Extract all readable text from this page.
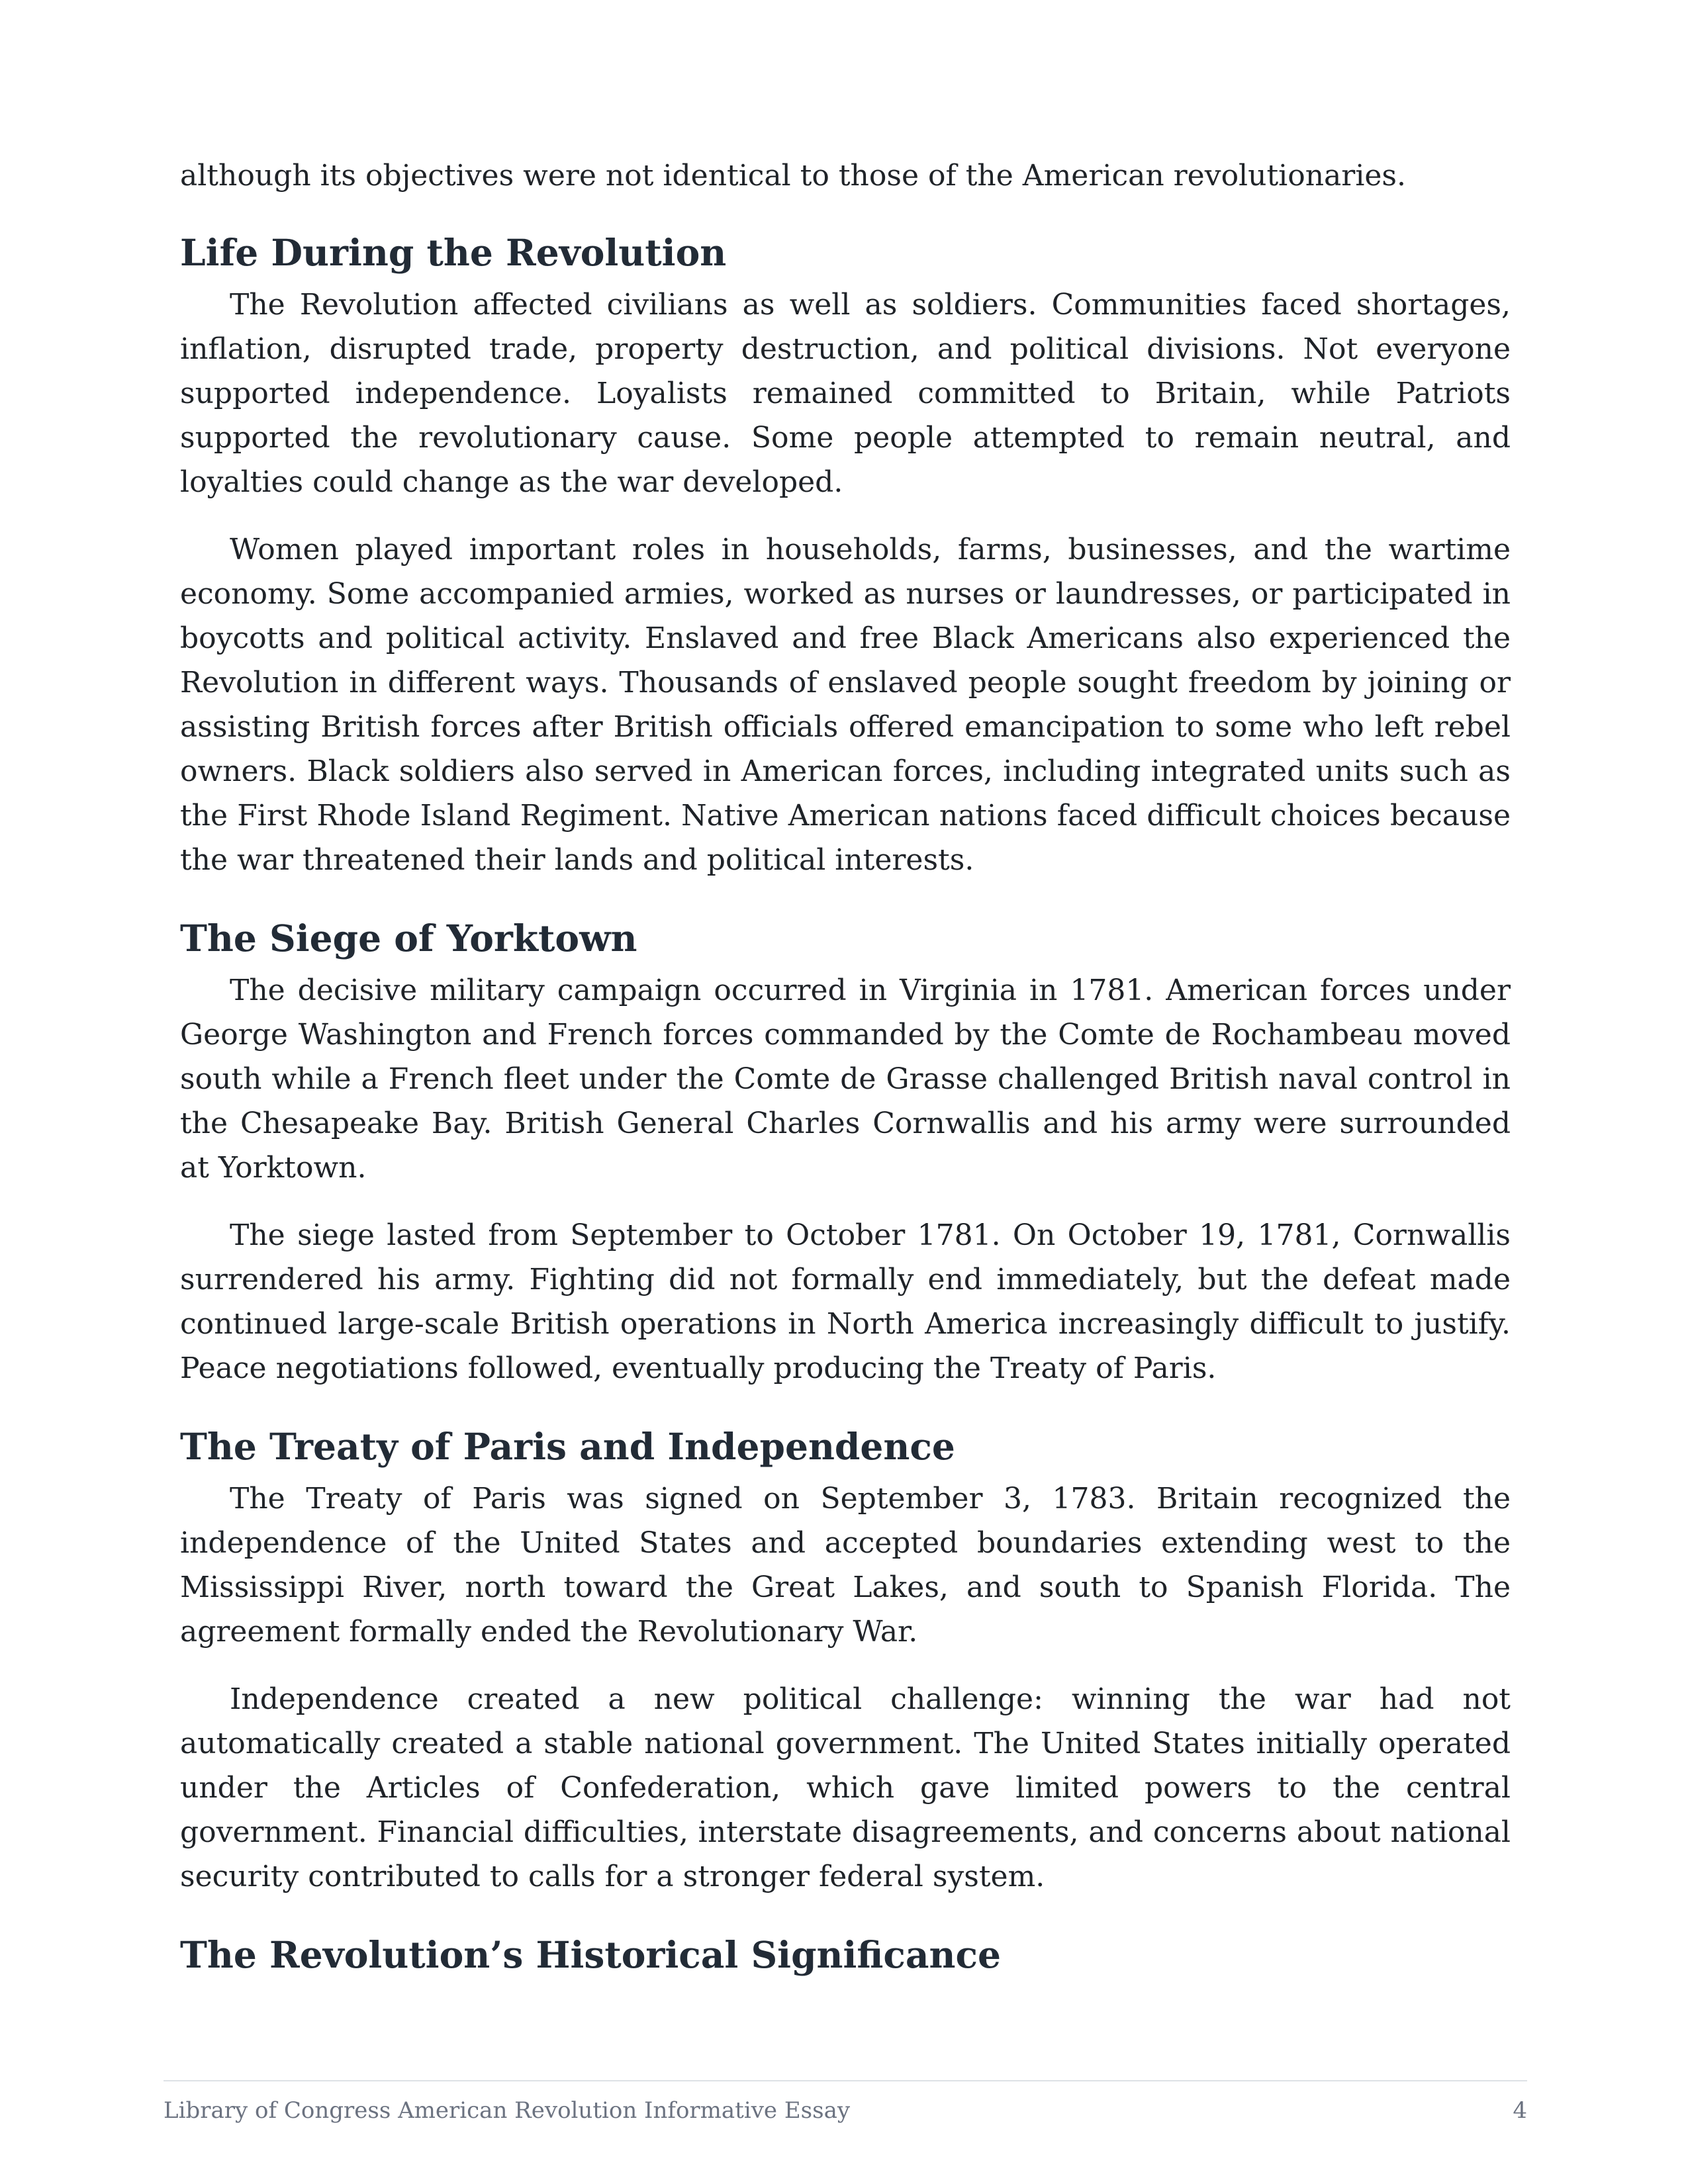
although its objectives were not identical to those of the American revolutionaries.

Life During the Revolution

The Revolution affected civilians as well as soldiers. Communities faced shortages, inflation, disrupted trade, property destruction, and political divisions. Not everyone supported independence. Loyalists remained committed to Britain, while Patriots supported the revolutionary cause. Some people attempted to remain neutral, and loyalties could change as the war developed.

Women played important roles in households, farms, businesses, and the wartime economy. Some accompanied armies, worked as nurses or laundresses, or participated in boycotts and political activity. Enslaved and free Black Americans also experienced the Revolution in different ways. Thousands of enslaved people sought freedom by joining or assisting British forces after British officials offered emancipation to some who left rebel owners. Black soldiers also served in American forces, including integrated units such as the First Rhode Island Regiment. Native American nations faced difficult choices because the war threatened their lands and political interests.

The Siege of Yorktown

The decisive military campaign occurred in Virginia in 1781. American forces under George Washington and French forces commanded by the Comte de Rochambeau moved south while a French fleet under the Comte de Grasse challenged British naval control in the Chesapeake Bay. British General Charles Cornwallis and his army were surrounded at Yorktown.

The siege lasted from September to October 1781. On October 19, 1781, Cornwallis surrendered his army. Fighting did not formally end immediately, but the defeat made continued large-scale British operations in North America increasingly difficult to justify. Peace negotiations followed, eventually producing the Treaty of Paris.

The Treaty of Paris and Independence

The Treaty of Paris was signed on September 3, 1783. Britain recognized the independence of the United States and accepted boundaries extending west to the Mississippi River, north toward the Great Lakes, and south to Spanish Florida. The agreement formally ended the Revolutionary War.

Independence created a new political challenge: winning the war had not automatically created a stable national government. The United States initially operated under the Articles of Confederation, which gave limited powers to the central government. Financial difficulties, interstate disagreements, and concerns about national security contributed to calls for a stronger federal system.

The Revolution’s Historical Significance
Library of Congress American Revolution Informative Essay	4
